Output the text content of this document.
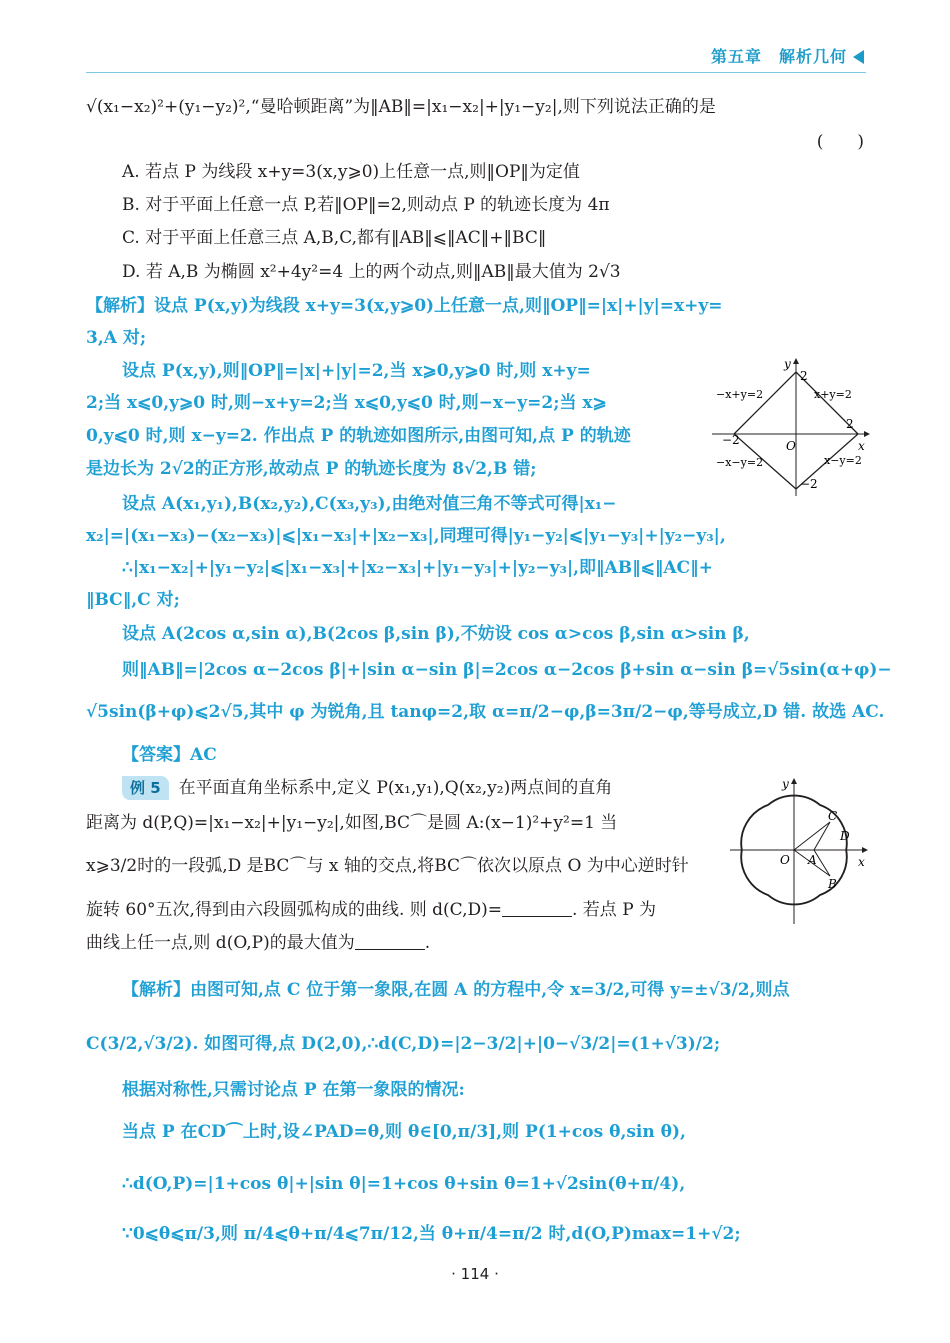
第五章　解析几何
√(x₁−x₂)²+(y₁−y₂)²,“曼哈顿距离”为‖AB‖=|x₁−x₂|+|y₁−y₂|,则下列说法正确的是
(　　)
A. 若点 P 为线段 x+y=3(x,y⩾0)上任意一点,则‖OP‖为定值
B. 对于平面上任意一点 P,若‖OP‖=2,则动点 P 的轨迹长度为 4π
C. 对于平面上任意三点 A,B,C,都有‖AB‖⩽‖AC‖+‖BC‖
D. 若 A,B 为椭圆 x²+4y²=4 上的两个动点,则‖AB‖最大值为 2√3
【解析】设点 P(x,y)为线段 x+y=3(x,y⩾0)上任意一点,则‖OP‖=|x|+|y|=x+y=
3,A 对;
设点 P(x,y),则‖OP‖=|x|+|y|=2,当 x⩾0,y⩾0 时,则 x+y=
2;当 x⩽0,y⩾0 时,则−x+y=2;当 x⩽0,y⩽0 时,则−x−y=2;当 x⩾
0,y⩽0 时,则 x−y=2. 作出点 P 的轨迹如图所示,由图可知,点 P 的轨迹
是边长为 2√2的正方形,故动点 P 的轨迹长度为 8√2,B 错;
设点 A(x₁,y₁),B(x₂,y₂),C(x₃,y₃),由绝对值三角不等式可得|x₁−
x₂|=|(x₁−x₃)−(x₂−x₃)|⩽|x₁−x₃|+|x₂−x₃|,同理可得|y₁−y₂|⩽|y₁−y₃|+|y₂−y₃|,
∴|x₁−x₂|+|y₁−y₂|⩽|x₁−x₃|+|x₂−x₃|+|y₁−y₃|+|y₂−y₃|,即‖AB‖⩽‖AC‖+
‖BC‖,C 对;
设点 A(2cos α,sin α),B(2cos β,sin β),不妨设 cos α>cos β,sin α>sin β,
则‖AB‖=|2cos α−2cos β|+|sin α−sin β|=2cos α−2cos β+sin α−sin β=√5sin(α+φ)−
√5sin(β+φ)⩽2√5,其中 φ 为锐角,且 tanφ=2,取 α=π/2−φ,β=3π/2−φ,等号成立,D 错. 故选 AC.
【答案】AC
例 5 在平面直角坐标系中,定义 P(x₁,y₁),Q(x₂,y₂)两点间的直角
距离为 d(P,Q)=|x₁−x₂|+|y₁−y₂|,如图,BC⌒是圆 A:(x−1)²+y²=1 当
x⩾3/2时的一段弧,D 是BC⌒与 x 轴的交点,将BC⌒依次以原点 O 为中心逆时针
旋转 60°五次,得到由六段圆弧构成的曲线. 则 d(C,D)=	. 若点 P 为
曲线上任一点,则 d(O,P)的最大值为	.
【解析】由图可知,点 C 位于第一象限,在圆 A 的方程中,令 x=3/2,可得 y=±√3/2,则点
C(3/2,√3/2). 如图可得,点 D(2,0),∴d(C,D)=|2−3/2|+|0−√3/2|=(1+√3)/2;
根据对称性,只需讨论点 P 在第一象限的情况:
当点 P 在CD⌒上时,设∠PAD=θ,则 θ∈[0,π/3],则 P(1+cos θ,sin θ),
∴d(O,P)=|1+cos θ|+|sin θ|=1+cos θ+sin θ=1+√2sin(θ+π/4),
∵0⩽θ⩽π/3,则 π/4⩽θ+π/4⩽7π/12,当 θ+π/4=π/2 时,d(O,P)max=1+√2;
y
x
O
2
−2
−2
2
x+y=2
−x+y=2
−x−y=2	x−y=2
y
x
O A
B
C
D
· 114 ·
